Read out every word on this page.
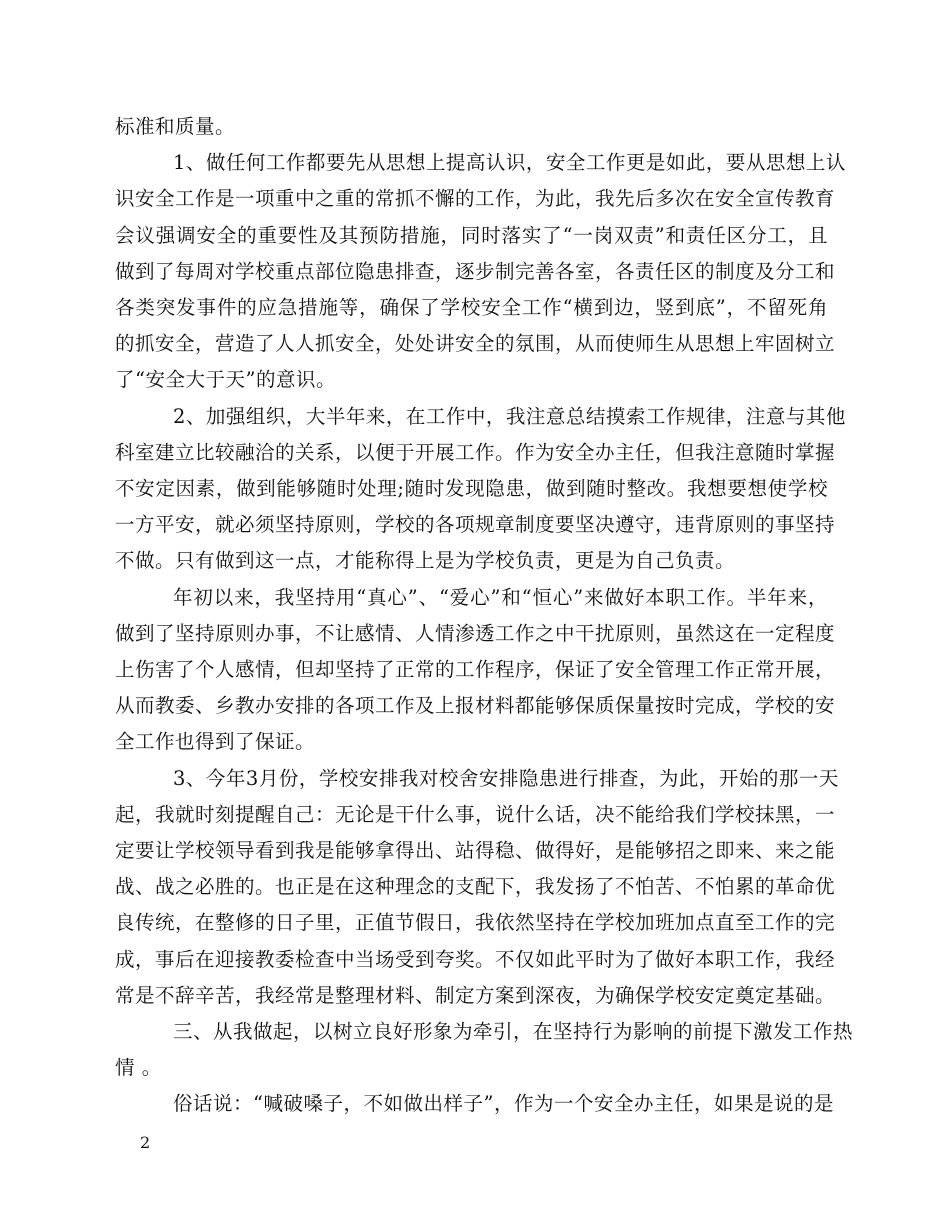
标准和质量。
1、做任何工作都要先从思想上提高认识，安全工作更是如此，要从思想上认
识安全工作是一项重中之重的常抓不懈的工作，为此，我先后多次在安全宣传教育
会议强调安全的重要性及其预防措施，同时落实了“一岗双责”和责任区分工，且
做到了每周对学校重点部位隐患排查，逐步制完善各室，各责任区的制度及分工和
各类突发事件的应急措施等，确保了学校安全工作“横到边，竖到底”，不留死角
的抓安全，营造了人人抓安全，处处讲安全的氛围，从而使师生从思想上牢固树立
了“安全大于天”的意识。
2、加强组织，大半年来，在工作中，我注意总结摸索工作规律，注意与其他
科室建立比较融洽的关系，以便于开展工作。作为安全办主任，但我注意随时掌握
不安定因素，做到能够随时处理;随时发现隐患，做到随时整改。我想要想使学校
一方平安，就必须坚持原则，学校的各项规章制度要坚决遵守，违背原则的事坚持
不做。只有做到这一点，才能称得上是为学校负责，更是为自己负责。
年初以来，我坚持用“真心”、“爱心”和“恒心”来做好本职工作。半年来，
做到了坚持原则办事，不让感情、人情渗透工作之中干扰原则，虽然这在一定程度
上伤害了个人感情，但却坚持了正常的工作程序，保证了安全管理工作正常开展，
从而教委、乡教办安排的各项工作及上报材料都能够保质保量按时完成，学校的安
全工作也得到了保证。
3、今年3月份，学校安排我对校舍安排隐患进行排查，为此，开始的那一天
起，我就时刻提醒自己：无论是干什么事，说什么话，决不能给我们学校抹黑，一
定要让学校领导看到我是能够拿得出、站得稳、做得好，是能够招之即来、来之能
战、战之必胜的。也正是在这种理念的支配下，我发扬了不怕苦、不怕累的革命优
良传统，在整修的日子里，正值节假日，我依然坚持在学校加班加点直至工作的完
成，事后在迎接教委检查中当场受到夸奖。不仅如此平时为了做好本职工作，我经
常是不辞辛苦，我经常是整理材料、制定方案到深夜，为确保学校安定奠定基础。
三、从我做起，以树立良好形象为牵引，在坚持行为影响的前提下激发工作热
情 。
俗话说：“喊破嗓子，不如做出样子”，作为一个安全办主任，如果是说的是
2
